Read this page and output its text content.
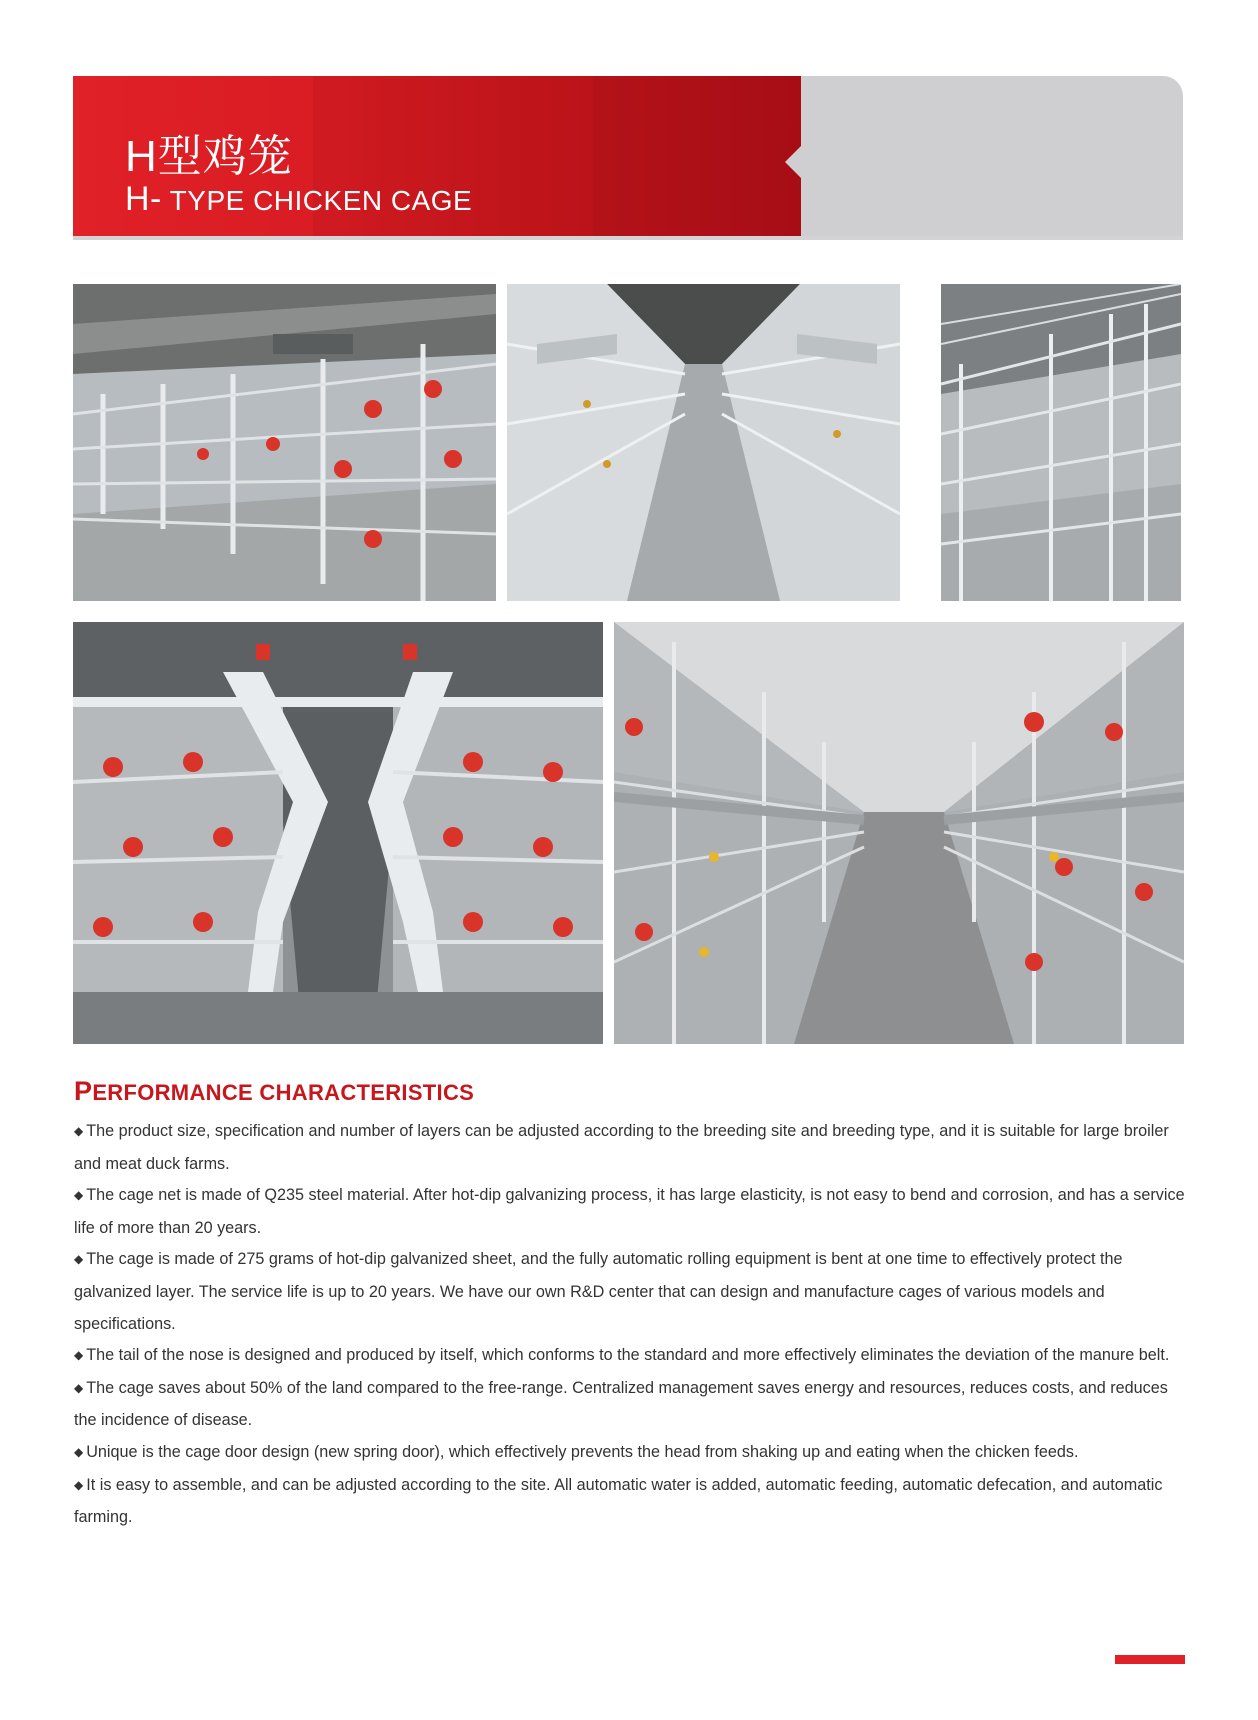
H型鸡笼
H- TYPE CHICKEN CAGE
PERFORMANCE CHARACTERISTICS
◆ The product size, specification and number of layers can be adjusted according to the breeding site and breeding type, and it is suitable for large broiler and meat duck farms.
◆ The cage net is made of Q235 steel material. After hot-dip galvanizing process, it has large elasticity, is not easy to bend and corrosion, and has a service life of more than 20 years.
◆ The cage is made of 275 grams of hot-dip galvanized sheet, and the fully automatic rolling equipment is bent at one time to effectively protect the galvanized layer. The service life is up to 20 years. We have our own R&D center that can design and manufacture cages of various models and specifications.
◆ The tail of the nose is designed and produced by itself, which conforms to the standard and more effectively eliminates the deviation of the manure belt.
◆ The cage saves about 50% of the land compared to the free-range. Centralized management saves energy and resources, reduces costs, and reduces the incidence of disease.
◆ Unique is the cage door design (new spring door), which effectively prevents the head from shaking up and eating when the chicken feeds.
◆ It is easy to assemble, and can be adjusted according to the site. All automatic water is added, automatic feeding, automatic defecation, and automatic farming.
